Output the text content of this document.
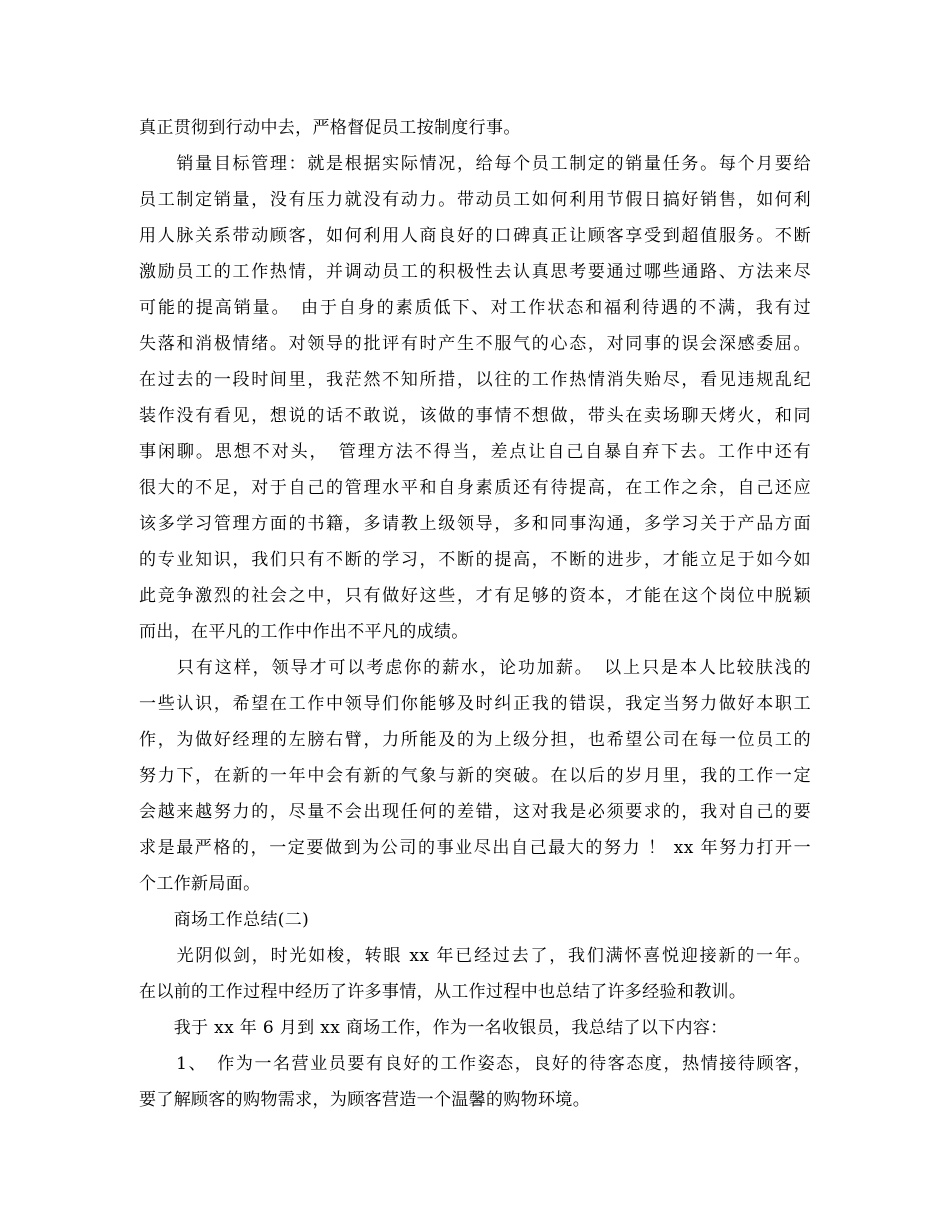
真正贯彻到行动中去，严格督促员工按制度行事。
　　销量目标管理：就是根据实际情况，给每个员工制定的销量任务。每个月要给
员工制定销量，没有压力就没有动力。带动员工如何利用节假日搞好销售，如何利
用人脉关系带动顾客，如何利用人商良好的口碑真正让顾客享受到超值服务。不断
激励员工的工作热情，并调动员工的积极性去认真思考要通过哪些通路、方法来尽
可能的提高销量。　由于自身的素质低下、对工作状态和福利待遇的不满，我有过
失落和消极情绪。对领导的批评有时产生不服气的心态，对同事的误会深感委屈。
在过去的一段时间里，我茫然不知所措，以往的工作热情消失贻尽，看见违规乱纪
装作没有看见，想说的话不敢说，该做的事情不想做，带头在卖场聊天烤火，和同
事闲聊。思想不对头，　管理方法不得当，差点让自己自暴自弃下去。工作中还有
很大的不足，对于自己的管理水平和自身素质还有待提高，在工作之余，自己还应
该多学习管理方面的书籍，多请教上级领导，多和同事沟通，多学习关于产品方面
的专业知识，我们只有不断的学习，不断的提高，不断的进步，才能立足于如今如
此竞争激烈的社会之中，只有做好这些，才有足够的资本，才能在这个岗位中脱颖
而出，在平凡的工作中作出不平凡的成绩。
　　只有这样，领导才可以考虑你的薪水，论功加薪。　以上只是本人比较肤浅的
一些认识，希望在工作中领导们你能够及时纠正我的错误，我定当努力做好本职工
作，为做好经理的左膀右臂，力所能及的为上级分担，也希望公司在每一位员工的
努力下，在新的一年中会有新的气象与新的突破。在以后的岁月里，我的工作一定
会越来越努力的，尽量不会出现任何的差错，这对我是必须要求的，我对自己的要
求是最严格的，一定要做到为公司的事业尽出自己最大的努力 ！ xx 年努力打开一
个工作新局面。
　　商场工作总结(二)
　　光阴似剑，时光如梭，转眼 xx 年已经过去了，我们满怀喜悦迎接新的一年。
在以前的工作过程中经历了许多事情，从工作过程中也总结了许多经验和教训。
　　我于 xx 年 6 月到 xx 商场工作，作为一名收银员，我总结了以下内容：
　　1、　作为一名营业员要有良好的工作姿态，良好的待客态度，热情接待顾客，
要了解顾客的购物需求，为顾客营造一个温馨的购物环境。
